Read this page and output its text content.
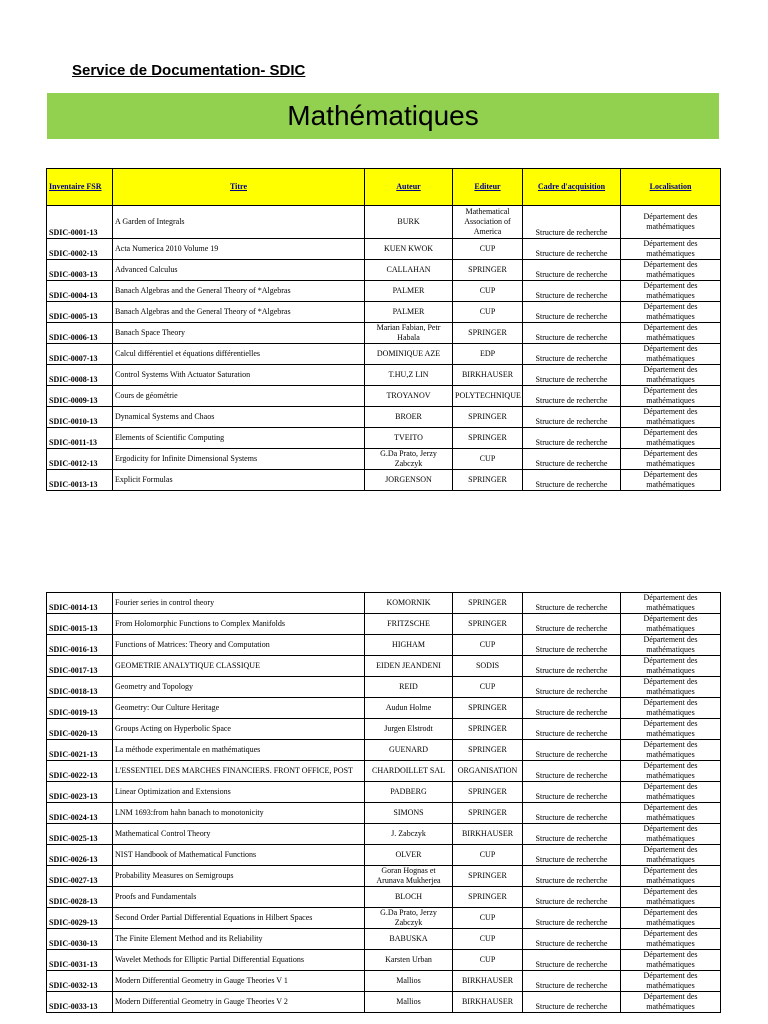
Service de Documentation- SDIC
Mathématiques
Inventaire FSR	Titre	Auteur	Editeur	Cadre d'acquisition	Localisation
SDIC-0001-13	A Garden of Integrals	BURK	Mathematical Association of America	Structure de recherche	Département des mathématiques
SDIC-0002-13	Acta Numerica 2010 Volume 19	KUEN KWOK	CUP	Structure de recherche	Département des mathématiques
SDIC-0003-13	Advanced Calculus	CALLAHAN	SPRINGER	Structure de recherche	Département des mathématiques
SDIC-0004-13	Banach Algebras and the General Theory of *Algebras	PALMER	CUP	Structure de recherche	Département des mathématiques
SDIC-0005-13	Banach Algebras and the General Theory of *Algebras	PALMER	CUP	Structure de recherche	Département des mathématiques
SDIC-0006-13	Banach Space Theory	Marian Fabian, Petr Habala	SPRINGER	Structure de recherche	Département des mathématiques
SDIC-0007-13	Calcul différentiel et équations différentielles	DOMINIQUE AZE	EDP	Structure de recherche	Département des mathématiques
SDIC-0008-13	Control Systems With Actuator Saturation	T.HU,Z LIN	BIRKHAUSER	Structure de recherche	Département des mathématiques
SDIC-0009-13	Cours de géométrie	TROYANOV	POLYTECHNIQUE	Structure de recherche	Département des mathématiques
SDIC-0010-13	Dynamical Systems and Chaos	BROER	SPRINGER	Structure de recherche	Département des mathématiques
SDIC-0011-13	Elements of Scientific Computing	TVEITO	SPRINGER	Structure de recherche	Département des mathématiques
SDIC-0012-13	Ergodicity for Infinite Dimensional Systems	G.Da Prato, Jerzy Zabczyk	CUP	Structure de recherche	Département des mathématiques
SDIC-0013-13	Explicit Formulas	JORGENSON	SPRINGER	Structure de recherche	Département des mathématiques
SDIC-0014-13	Fourier series in control theory	KOMORNIK	SPRINGER	Structure de recherche	Département des mathématiques
SDIC-0015-13	From Holomorphic Functions to Complex Manifolds	FRITZSCHE	SPRINGER	Structure de recherche	Département des mathématiques
SDIC-0016-13	Functions of Matrices: Theory and Computation	HIGHAM	CUP	Structure de recherche	Département des mathématiques
SDIC-0017-13	GEOMETRIE ANALYTIQUE CLASSIQUE	EIDEN JEANDENI	SODIS	Structure de recherche	Département des mathématiques
SDIC-0018-13	Geometry and Topology	REID	CUP	Structure de recherche	Département des mathématiques
SDIC-0019-13	Geometry: Our Culture Heritage	Audun Holme	SPRINGER	Structure de recherche	Département des mathématiques
SDIC-0020-13	Groups Acting on Hyperbolic Space	Jurgen Elstrodt	SPRINGER	Structure de recherche	Département des mathématiques
SDIC-0021-13	La méthode experimentale en mathématiques	GUENARD	SPRINGER	Structure de recherche	Département des mathématiques
SDIC-0022-13	L'ESSENTIEL DES MARCHES FINANCIERS. FRONT OFFICE, POST	CHARDOILLET SAL	ORGANISATION	Structure de recherche	Département des mathématiques
SDIC-0023-13	Linear Optimization and Extensions	PADBERG	SPRINGER	Structure de recherche	Département des mathématiques
SDIC-0024-13	LNM 1693:from hahn banach to monotonicity	SIMONS	SPRINGER	Structure de recherche	Département des mathématiques
SDIC-0025-13	Mathematical Control Theory	J. Zabczyk	BIRKHAUSER	Structure de recherche	Département des mathématiques
SDIC-0026-13	NIST Handbook of Mathematical Functions	OLVER	CUP	Structure de recherche	Département des mathématiques
SDIC-0027-13	Probability Measures on Semigroups	Goran Hognas et Arunava Mukherjea	SPRINGER	Structure de recherche	Département des mathématiques
SDIC-0028-13	Proofs and Fundamentals	BLOCH	SPRINGER	Structure de recherche	Département des mathématiques
SDIC-0029-13	Second Order Partial Differential Equations in Hilbert Spaces	G.Da Prato, Jerzy Zabczyk	CUP	Structure de recherche	Département des mathématiques
SDIC-0030-13	The Finite Element Method and its Reliability	BABUSKA	CUP	Structure de recherche	Département des mathématiques
SDIC-0031-13	Wavelet Methods for Elliptic Partial Differential Equations	Karsten Urban	CUP	Structure de recherche	Département des mathématiques
SDIC-0032-13	Modern Differential Geometry in Gauge Theories V 1	Mallios	BIRKHAUSER	Structure de recherche	Département des mathématiques
SDIC-0033-13	Modern Differential Geometry in Gauge Theories V 2	Mallios	BIRKHAUSER	Structure de recherche	Département des mathématiques
